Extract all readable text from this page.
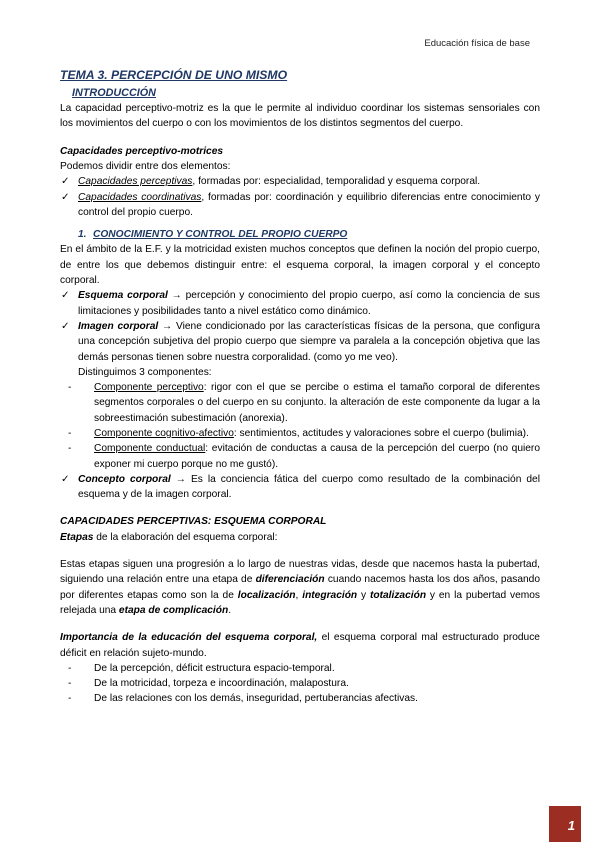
Educación física de base
TEMA 3. PERCEPCIÓN DE UNO MISMO
INTRODUCCIÓN

La capacidad perceptivo-motriz es la que le permite al individuo coordinar los sistemas sensoriales con los movimientos del cuerpo o con los movimientos de los distintos segmentos del cuerpo.

Capacidades perceptivo-motrices
Podemos dividir entre dos elementos:
✓ Capacidades perceptivas, formadas por: especialidad, temporalidad y esquema corporal.
✓ Capacidades coordinativas, formadas por: coordinación y equilibrio diferencias entre conocimiento y control del propio cuerpo.
1. CONOCIMIENTO Y CONTROL DEL PROPIO CUERPO

En el ámbito de la E.F. y la motricidad existen muchos conceptos que definen la noción del propio cuerpo, de entre los que debemos distinguir entre: el esquema corporal, la imagen corporal y el concepto corporal.

✓ Esquema corporal → percepción y conocimiento del propio cuerpo, así como la conciencia de sus limitaciones y posibilidades tanto a nivel estático como dinámico.
✓ Imagen corporal → Viene condicionado por las características físicas de la persona, que configura una concepción subjetiva del propio cuerpo que siempre va paralela a la concepción objetiva que las demás personas tienen sobre nuestra corporalidad. (como yo me veo).
Distinguimos 3 componentes:
- Componente perceptivo: rigor con el que se percibe o estima el tamaño corporal de diferentes segmentos corporales o del cuerpo en su conjunto. la alteración de este componente da lugar a la sobreestimación subestimación (anorexia).
- Componente cognitivo-afectivo: sentimientos, actitudes y valoraciones sobre el cuerpo (bulimia).
- Componente conductual: evitación de conductas a causa de la percepción del cuerpo (no quiero exponer mi cuerpo porque no me gustó).
✓ Concepto corporal → Es la conciencia fática del cuerpo como resultado de la combinación del esquema y de la imagen corporal.
CAPACIDADES PERCEPTIVAS: ESQUEMA CORPORAL
Etapas de la elaboración del esquema corporal:

Estas etapas siguen una progresión a lo largo de nuestras vidas, desde que nacemos hasta la pubertad, siguiendo una relación entre una etapa de diferenciación cuando nacemos hasta los dos años, pasando por diferentes etapas como son la de localización, integración y totalización y en la pubertad vemos relejada una etapa de complicación.

Importancia de la educación del esquema corporal, el esquema corporal mal estructurado produce déficit en relación sujeto-mundo.

- De la percepción, déficit estructura espacio-temporal.
- De la motricidad, torpeza e incoordinación, malapostura.
- De las relaciones con los demás, inseguridad, pertuberancias afectivas.
1
